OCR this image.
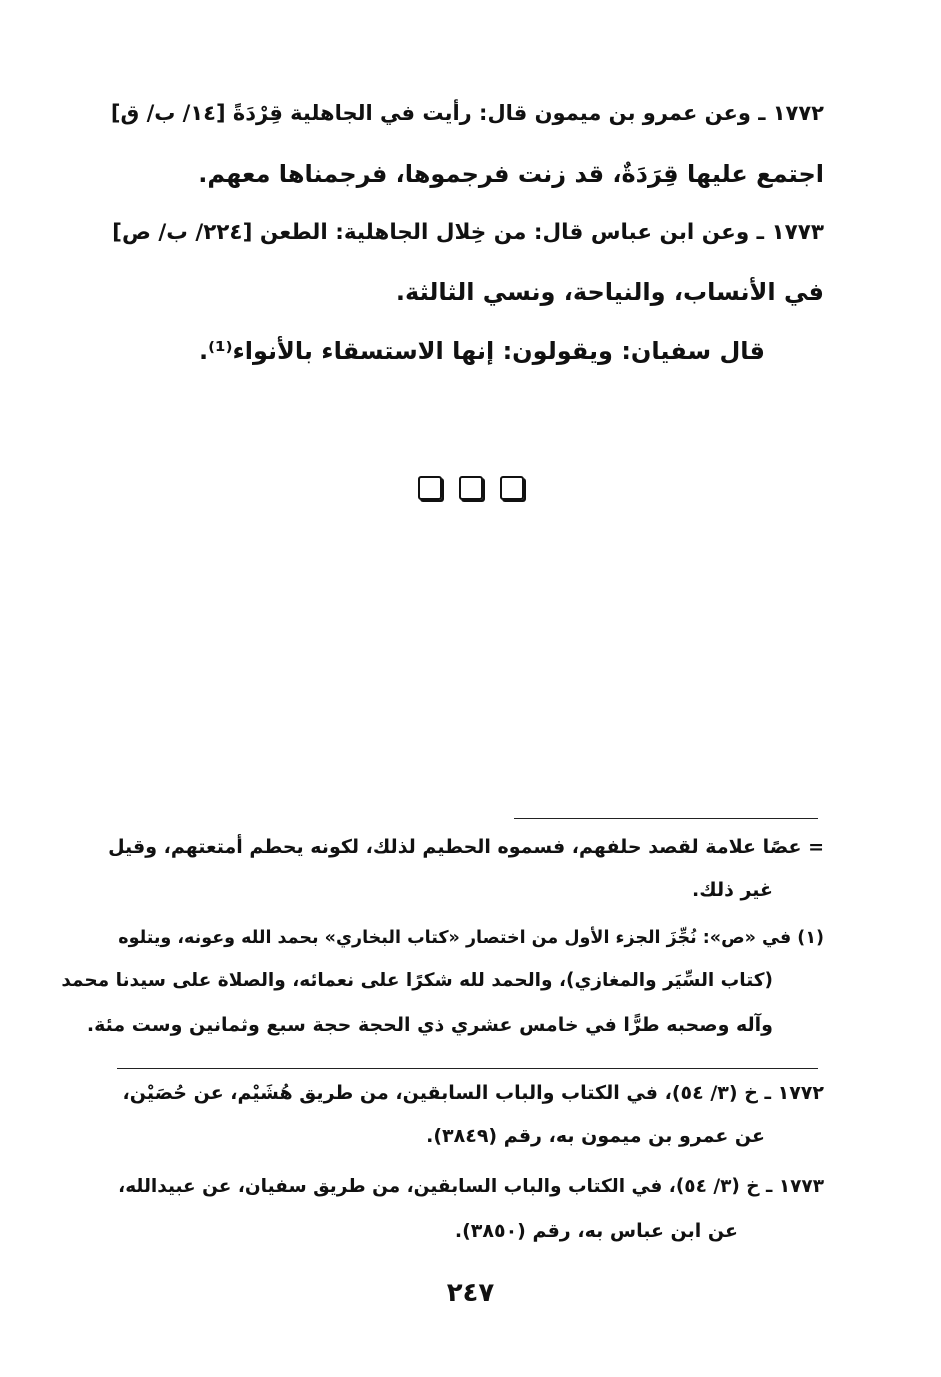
١٧٧٢ ـ وعن عمرو بن ميمون قال: رأيت في الجاهلية قِرْدَةً [١٤/ ب/ ق]
اجتمع عليها قِرَدَةٌ، قد زنت فرجموها، فرجمناها معهم.
١٧٧٣ ـ وعن ابن عباس قال: من خِلال الجاهلية: الطعن [٢٢٤/ ب/ ص]
في الأنساب، والنياحة، ونسي الثالثة.
قال سفيان: ويقولون: إنها الاستسقاء بالأنواء⁽¹⁾.
= عصًا علامة لقصد حلفهم، فسموه الحطيم لذلك، لكونه يحطم أمتعتهم، وقيل
غير ذلك.
(١) في «ص»: نُجِّزَ الجزء الأول من اختصار «كتاب البخاري» بحمد الله وعونه، ويتلوه
(كتاب السِّيَر والمغازي)، والحمد لله شكرًا على نعمائه، والصلاة على سيدنا محمد
وآله وصحبه طرًّا في خامس عشري ذي الحجة حجة سبع وثمانين وست مئة.
١٧٧٢ ـ خ (٣/ ٥٤)، في الكتاب والباب السابقين، من طريق هُشَيْم، عن حُصَيْن،
عن عمرو بن ميمون به، رقم (٣٨٤٩).
١٧٧٣ ـ خ (٣/ ٥٤)، في الكتاب والباب السابقين، من طريق سفيان، عن عبيدالله،
عن ابن عباس به، رقم (٣٨٥٠).
٢٤٧
